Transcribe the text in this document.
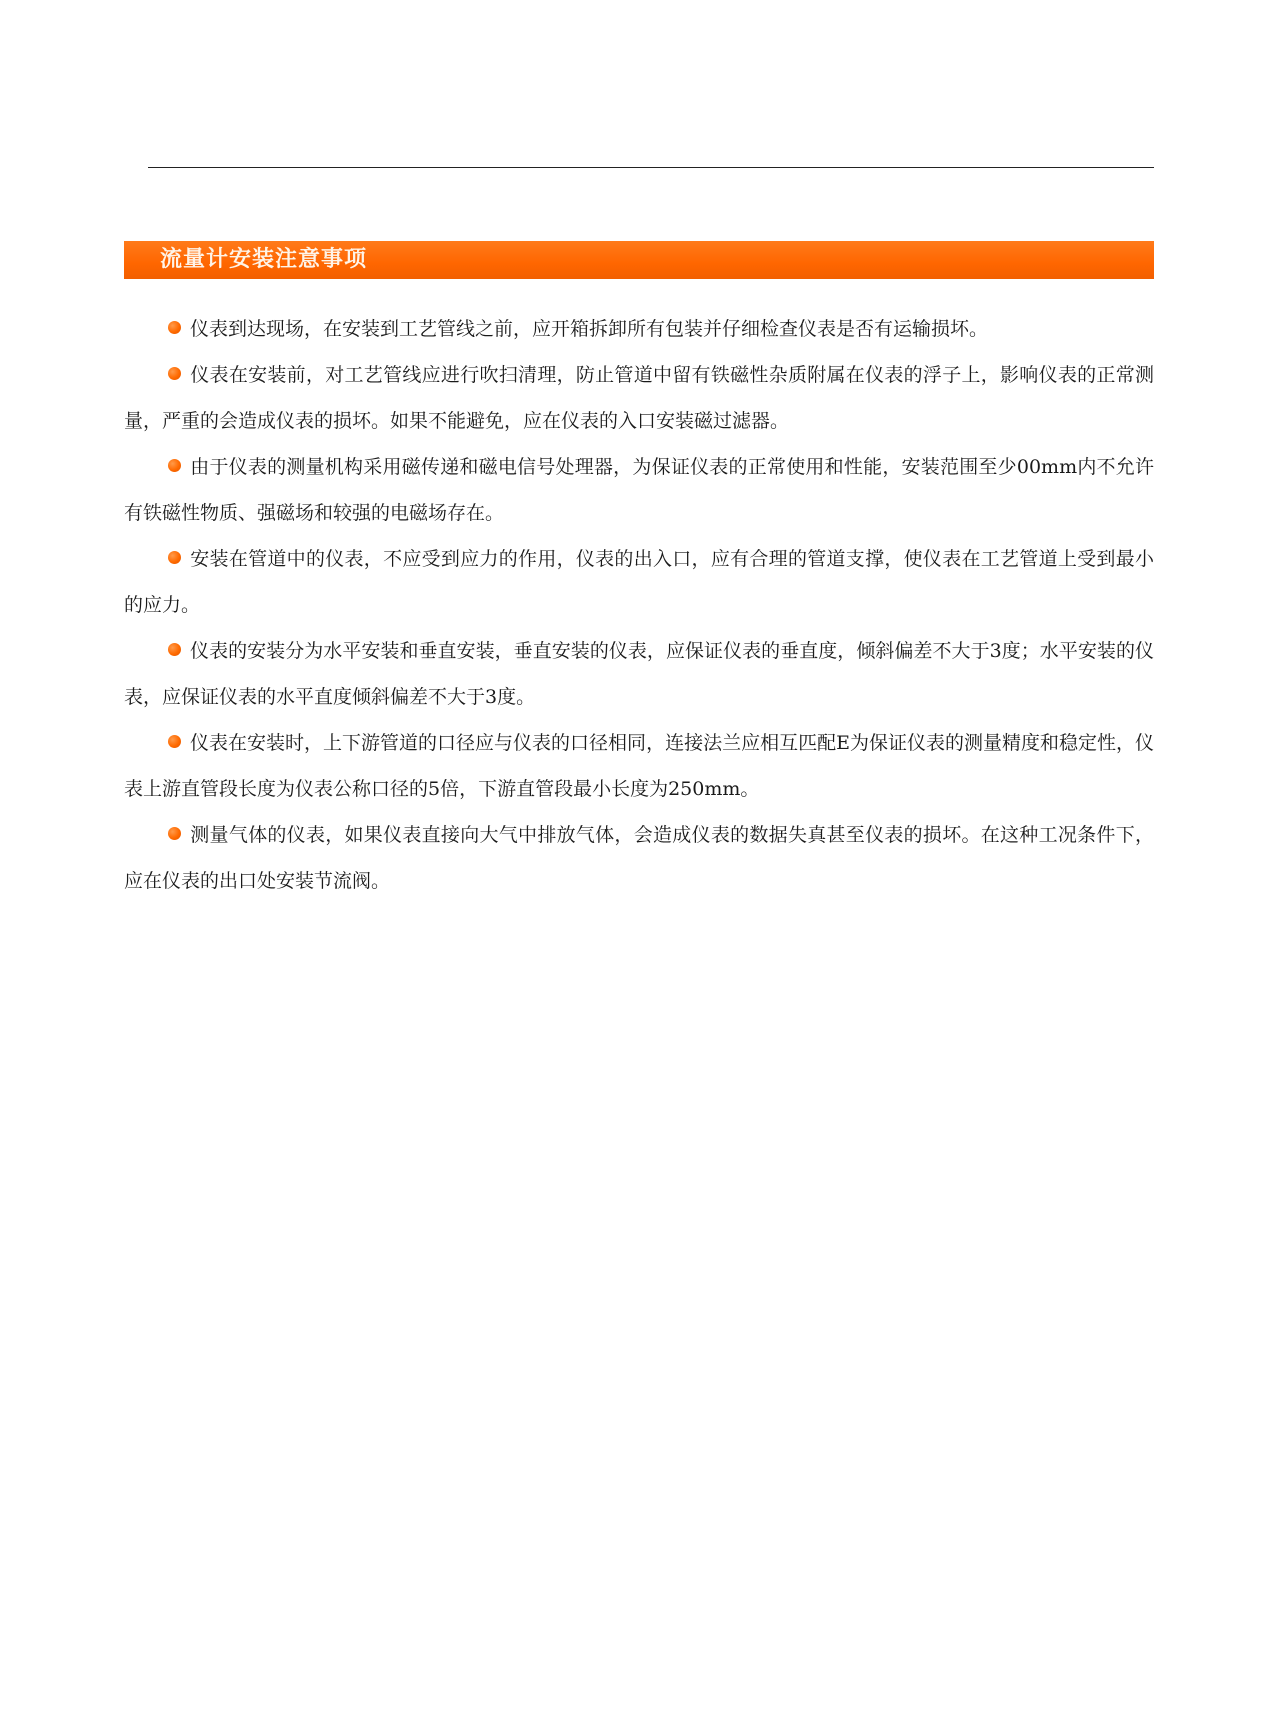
流量计安装注意事项

仪表到达现场，在安装到工艺管线之前，应开箱拆卸所有包装并仔细检查仪表是否有运输损坏。

仪表在安装前，对工艺管线应进行吹扫清理，防止管道中留有铁磁性杂质附属在仪表的浮子上，影响仪表的正常测量，严重的会造成仪表的损坏。如果不能避免，应在仪表的入口安装磁过滤器。

由于仪表的测量机构采用磁传递和磁电信号处理器，为保证仪表的正常使用和性能，安装范围至少00mm内不允许有铁磁性物质、强磁场和较强的电磁场存在。

安装在管道中的仪表，不应受到应力的作用，仪表的出入口，应有合理的管道支撑，使仪表在工艺管道上受到最小的应力。

仪表的安装分为水平安装和垂直安装，垂直安装的仪表，应保证仪表的垂直度，倾斜偏差不大于3度；水平安装的仪表，应保证仪表的水平直度倾斜偏差不大于3度。

仪表在安装时，上下游管道的口径应与仪表的口径相同，连接法兰应相互匹配E为保证仪表的测量精度和稳定性，仪表上游直管段长度为仪表公称口径的5倍，下游直管段最小长度为250mm。

测量气体的仪表，如果仪表直接向大气中排放气体，会造成仪表的数据失真甚至仪表的损坏。在这种工况条件下，应在仪表的出口处安装节流阀。
